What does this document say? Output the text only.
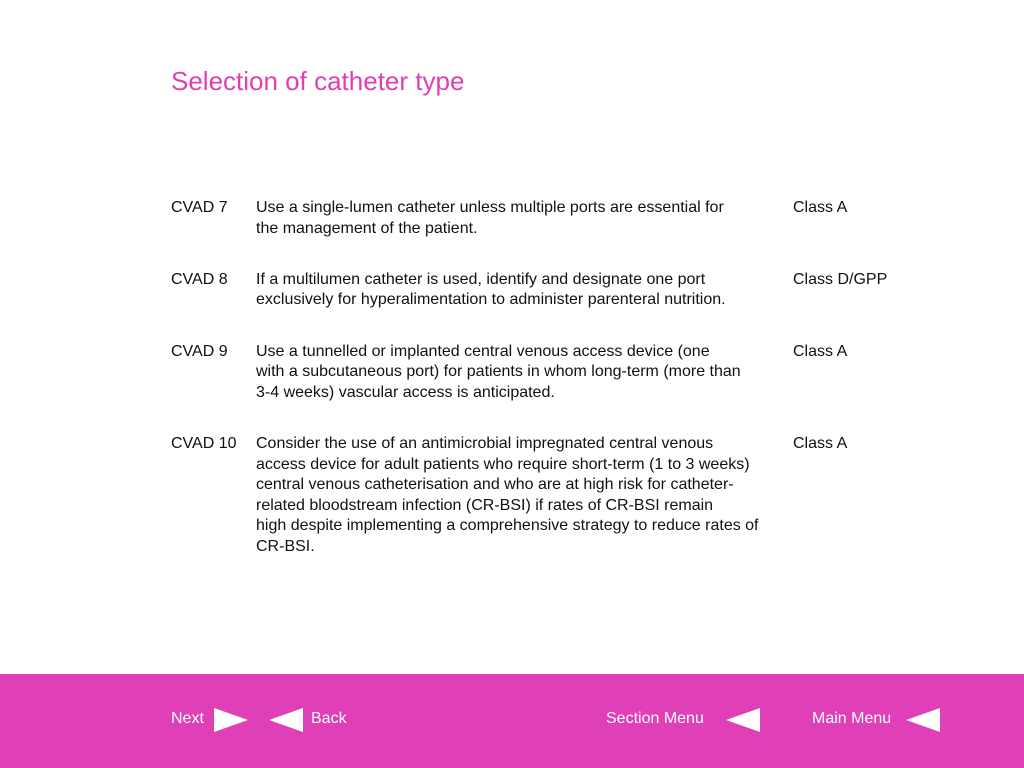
Selection of catheter type
CVAD 7 Use a single-lumen catheter unless multiple ports are essential for
the management of the patient.
Class A
CVAD 8 If a multilumen catheter is used, identify and designate one port
exclusively for hyperalimentation to administer parenteral nutrition.
Class D/GPP
CVAD 9 Use a tunnelled or implanted central venous access device (one
with a subcutaneous port) for patients in whom long-term (more than
3-4 weeks) vascular access is anticipated.
Class A
CVAD 10 Consider the use of an antimicrobial impregnated central venous
access device for adult patients who require short-term (1 to 3 weeks)
central venous catheterisation and who are at high risk for catheter-
related bloodstream infection (CR-BSI) if rates of CR-BSI remain
high despite implementing a comprehensive strategy to reduce rates of
CR-BSI.
Class A
Next	Back	Section Menu	Main Menu
